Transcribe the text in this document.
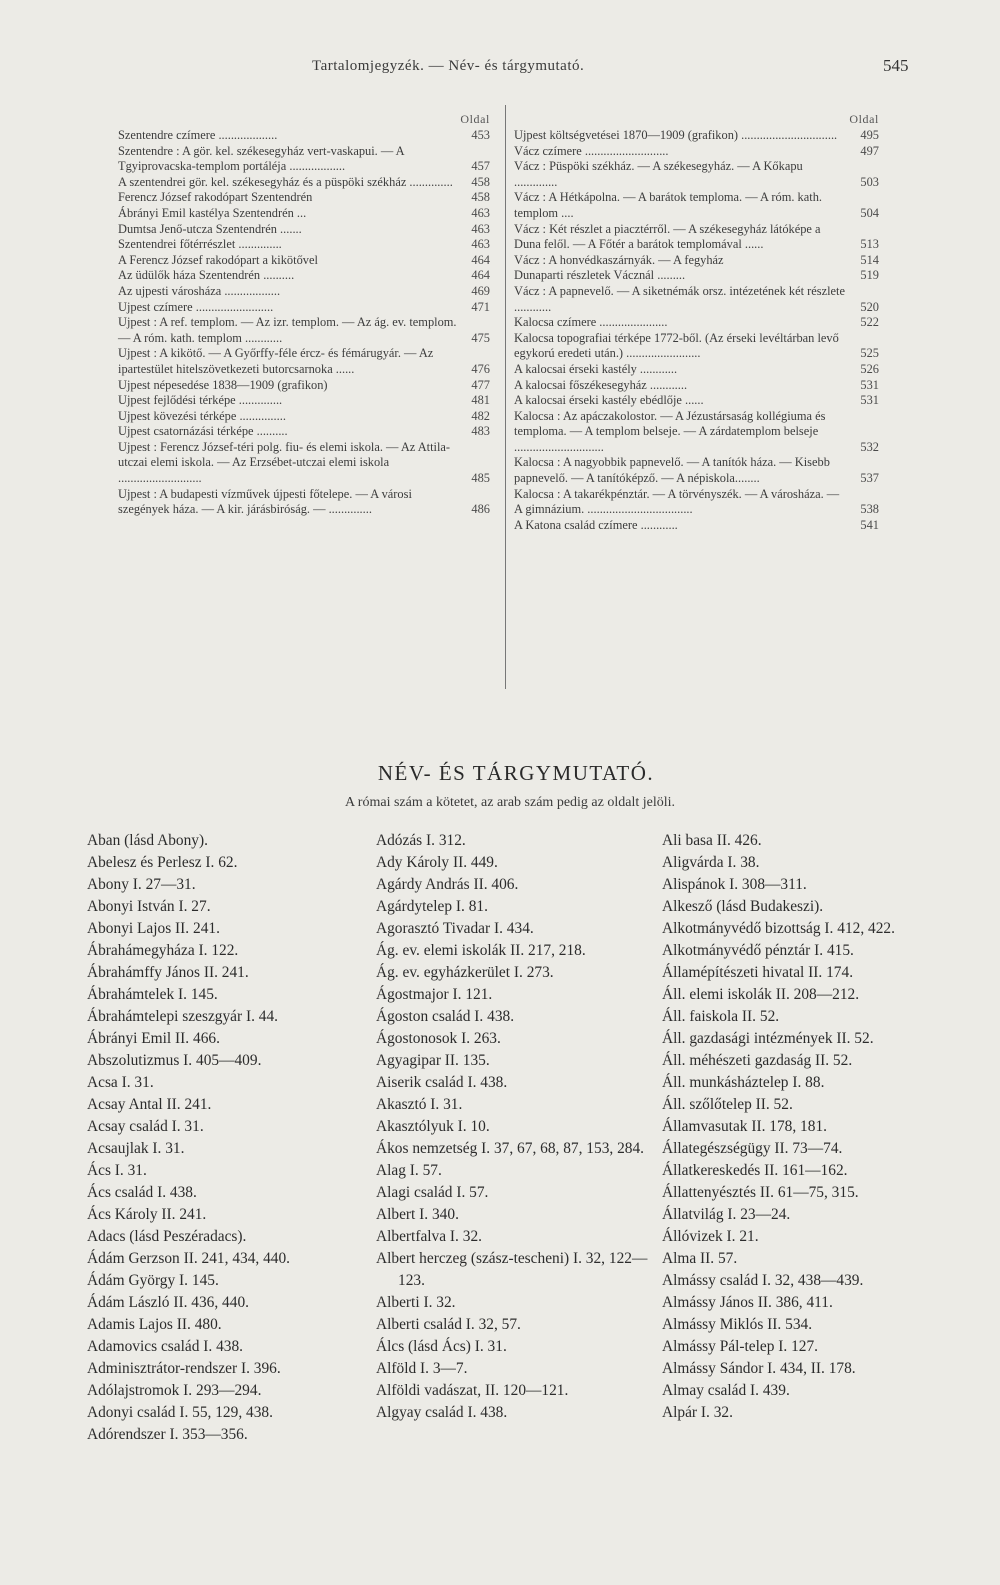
Tartalomjegyzék. — Név- és tárgymutató.	545
Oldal
Szentendre czímere ...................	453
Szentendre : A gör. kel. székesegyház vert-vaskapui. — A Tgyiprovacska-templom portáléja ..................	457
A szentendrei gör. kel. székesegyház és a püspöki székház ..............	458
Ferencz József rakodópart Szentendrén	458
Ábrányi Emil kastélya Szentendrén ...	463
Dumtsa Jenő-utcza Szentendrén .......	463
Szentendrei főtérrészlet ..............	463
A Ferencz József rakodópart a kikötővel	464
Az üdülők háza Szentendrén ..........	464
Az ujpesti városháza ..................	469
Ujpest czímere .........................	471
Ujpest : A ref. templom. — Az izr. templom. — Az ág. ev. templom. — A róm. kath. templom ............	475
Ujpest : A kikötő. — A Győrffy-féle ércz- és fémárugyár. — Az ipartestület hitelszövetkezeti butorcsarnoka ......	476
Ujpest népesedése 1838—1909 (grafikon)	477
Ujpest fejlődési térképe ..............	481
Ujpest kövezési térképe ...............	482
Ujpest csatornázási térképe ..........	483
Ujpest : Ferencz József-téri polg. fiu- és elemi iskola. — Az Attila-utczai elemi iskola. — Az Erzsébet-utczai elemi iskola ...........................	485
Ujpest : A budapesti vízművek újpesti főtelepe. — A városi szegények háza. — A kir. járásbiróság. — ..............	486
Oldal
Ujpest költségvetései 1870—1909 (grafikon) ...............................	495
Vácz czímere ...........................	497
Vácz : Püspöki székház. — A székesegyház. — A Kőkapu ..............	503
Vácz : A Hétkápolna. — A barátok temploma. — A róm. kath. templom ....	504
Vácz : Két részlet a piacztérről. — A székesegyház látóképe a Duna felől. — A Főtér a barátok templomával ......	513
Vácz : A honvédkaszárnyák. — A fegyház	514
Dunaparti részletek Vácznál .........	519
Vácz : A papnevelő. — A siketnémák orsz. intézetének két részlete ............	520
Kalocsa czímere ......................	522
Kalocsa topografiai térképe 1772-ből. (Az érseki levéltárban levő egykorú eredeti után.) ........................	525
A kalocsai érseki kastély ............	526
A kalocsai főszékesegyház ............	531
A kalocsai érseki kastély ebédlője ......	531
Kalocsa : Az apáczakolostor. — A Jézustársaság kollégiuma és temploma. — A templom belseje. — A zárdatemplom belseje .............................	532
Kalocsa : A nagyobbik papnevelő. — A tanítók háza. — Kisebb papnevelő. — A tanítóképző. — A népiskola........	537
Kalocsa : A takarékpénztár. — A törvényszék. — A városháza. — A gimnázium. ..................................	538
A Katona család czímere ............	541
NÉV- ÉS TÁRGYMUTATÓ.
A római szám a kötetet, az arab szám pedig az oldalt jelöli.
Aban (lásd Abony).
Abelesz és Perlesz I. 62.
Abony I. 27—31.
Abonyi István I. 27.
Abonyi Lajos II. 241.
Ábrahámegyháza I. 122.
Ábrahámffy János II. 241.
Ábrahámtelek I. 145.
Ábrahámtelepi szeszgyár I. 44.
Ábrányi Emil II. 466.
Abszolutizmus I. 405—409.
Acsa I. 31.
Acsay Antal II. 241.
Acsay család I. 31.
Acsaujlak I. 31.
Ács I. 31.
Ács család I. 438.
Ács Károly II. 241.
Adacs (lásd Peszéradacs).
Ádám Gerzson II. 241, 434, 440.
Ádám György I. 145.
Ádám László II. 436, 440.
Adamis Lajos II. 480.
Adamovics család I. 438.
Adminisztrátor-rendszer I. 396.
Adólajstromok I. 293—294.
Adonyi család I. 55, 129, 438.
Adórendszer I. 353—356.
Adózás I. 312.
Ady Károly II. 449.
Agárdy András II. 406.
Agárdytelep I. 81.
Agorasztó Tivadar I. 434.
Ág. ev. elemi iskolák II. 217, 218.
Ág. ev. egyházkerület I. 273.
Ágostmajor I. 121.
Ágoston család I. 438.
Ágostonosok I. 263.
Agyagipar II. 135.
Aiserik család I. 438.
Akasztó I. 31.
Akasztólyuk I. 10.
Ákos nemzetség I. 37, 67, 68, 87, 153, 284.
Alag I. 57.
Alagi család I. 57.
Albert I. 340.
Albertfalva I. 32.
Albert herczeg (szász-tescheni) I. 32, 122—123.
Alberti I. 32.
Alberti család I. 32, 57.
Álcs (lásd Ács) I. 31.
Alföld I. 3—7.
Alföldi vadászat, II. 120—121.
Algyay család I. 438.
Ali basa II. 426.
Aligvárda I. 38.
Alispánok I. 308—311.
Alkesző (lásd Budakeszi).
Alkotmányvédő bizottság I. 412, 422.
Alkotmányvédő pénztár I. 415.
Államépítészeti hivatal II. 174.
Áll. elemi iskolák II. 208—212.
Áll. faiskola II. 52.
Áll. gazdasági intézmények II. 52.
Áll. méhészeti gazdaság II. 52.
Áll. munkásháztelep I. 88.
Áll. szőlőtelep II. 52.
Államvasutak II. 178, 181.
Állategészségügy II. 73—74.
Állatkereskedés II. 161—162.
Állattenyésztés II. 61—75, 315.
Állatvilág I. 23—24.
Állóvizek I. 21.
Alma II. 57.
Almássy család I. 32, 438—439.
Almássy János II. 386, 411.
Almássy Miklós II. 534.
Almássy Pál-telep I. 127.
Almássy Sándor I. 434, II. 178.
Almay család I. 439.
Alpár I. 32.
